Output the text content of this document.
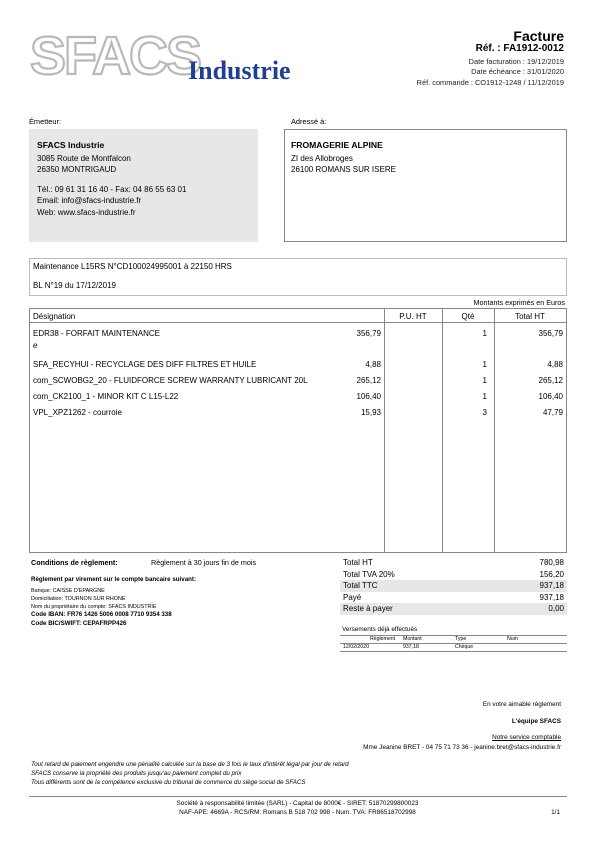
SFACS
Industrie
Facture
Réf. : FA1912-0012
Date facturation : 19/12/2019
Date échéance : 31/01/2020
Réf. commande : CO1912-1248 / 11/12/2019
Émetteur:
SFACS Industrie
3085 Route de Montfalcon
26350 MONTRIGAUD
Tél.: 09 61 31 16 40 - Fax: 04 86 55 63 01
Email: info@sfacs-industrie.fr
Web: www.sfacs-industrie.fr
Adressé à:
FROMAGERIE ALPINE
ZI des Allobroges
26100 ROMANS SUR ISERE
Maintenance L15RS N°CD100024995001 à 22150 HRS
BL N°19 du 17/12/2019
Montants exprimés en Euros
Désignation	P.U. HT	Qté	Total HT
EDR38 - FORFAIT MAINTENANCE
e
356,79	1	356,79
SFA_RECYHUI - RECYCLAGE DES DIFF FILTRES ET HUILE	4,88	1	4,88
com_SCWOBG2_20 - FLUIDFORCE SCREW WARRANTY LUBRICANT 20L	265,12	1	265,12
com_CK2100_1 - MINOR KIT C L15-L22	106,40	1	106,40
VPL_XPZ1262 - courroie	15,93	3	47,79
Conditions de règlement:	Règlement à 30 jours fin de mois
Règlement par virement sur le compte bancaire suivant:
Banque: CAISSE D'EPARGNE
Domiciliation: TOURNON SUR RHONE
Nom du propriétaire du compte: SFACS INDUSTRIE
Code IBAN: FR76 1426 5006 0008 7710 9354 338
Code BIC/SWIFT: CEPAFRPP426
Total HT	780,98
Total TVA 20%	156,20
Total TTC	937,18
Payé	937,18
Reste à payer	0,00
Versements déjà effectués
Règlement Montant	Type	Num
12/02/2020	937,18	Chèque
En votre aimable règlement
L'équipe SFACS
Notre service comptable
Mme Jeanine BRET - 04 75 71 73 36 - jeanine.bret@sfacs-industrie.fr
Tout retard de paiement engendre une pénalité calculée sur la base de 3 fois le taux d'intérêt légal par jour de retard
SFACS conserve la propriété des produits jusqu'au paiement complet du prix
Tous différents sont de la compétence exclusive du tribunal de commerce du siège social de SFACS
Société à responsabilité limitée (SARL) - Capital de 8000€ - SIRET: 51870299800023
NAF-APE: 4669A - RCS/RM: Romans B 518 702 998 - Num. TVA: FR86518702998	1/1
